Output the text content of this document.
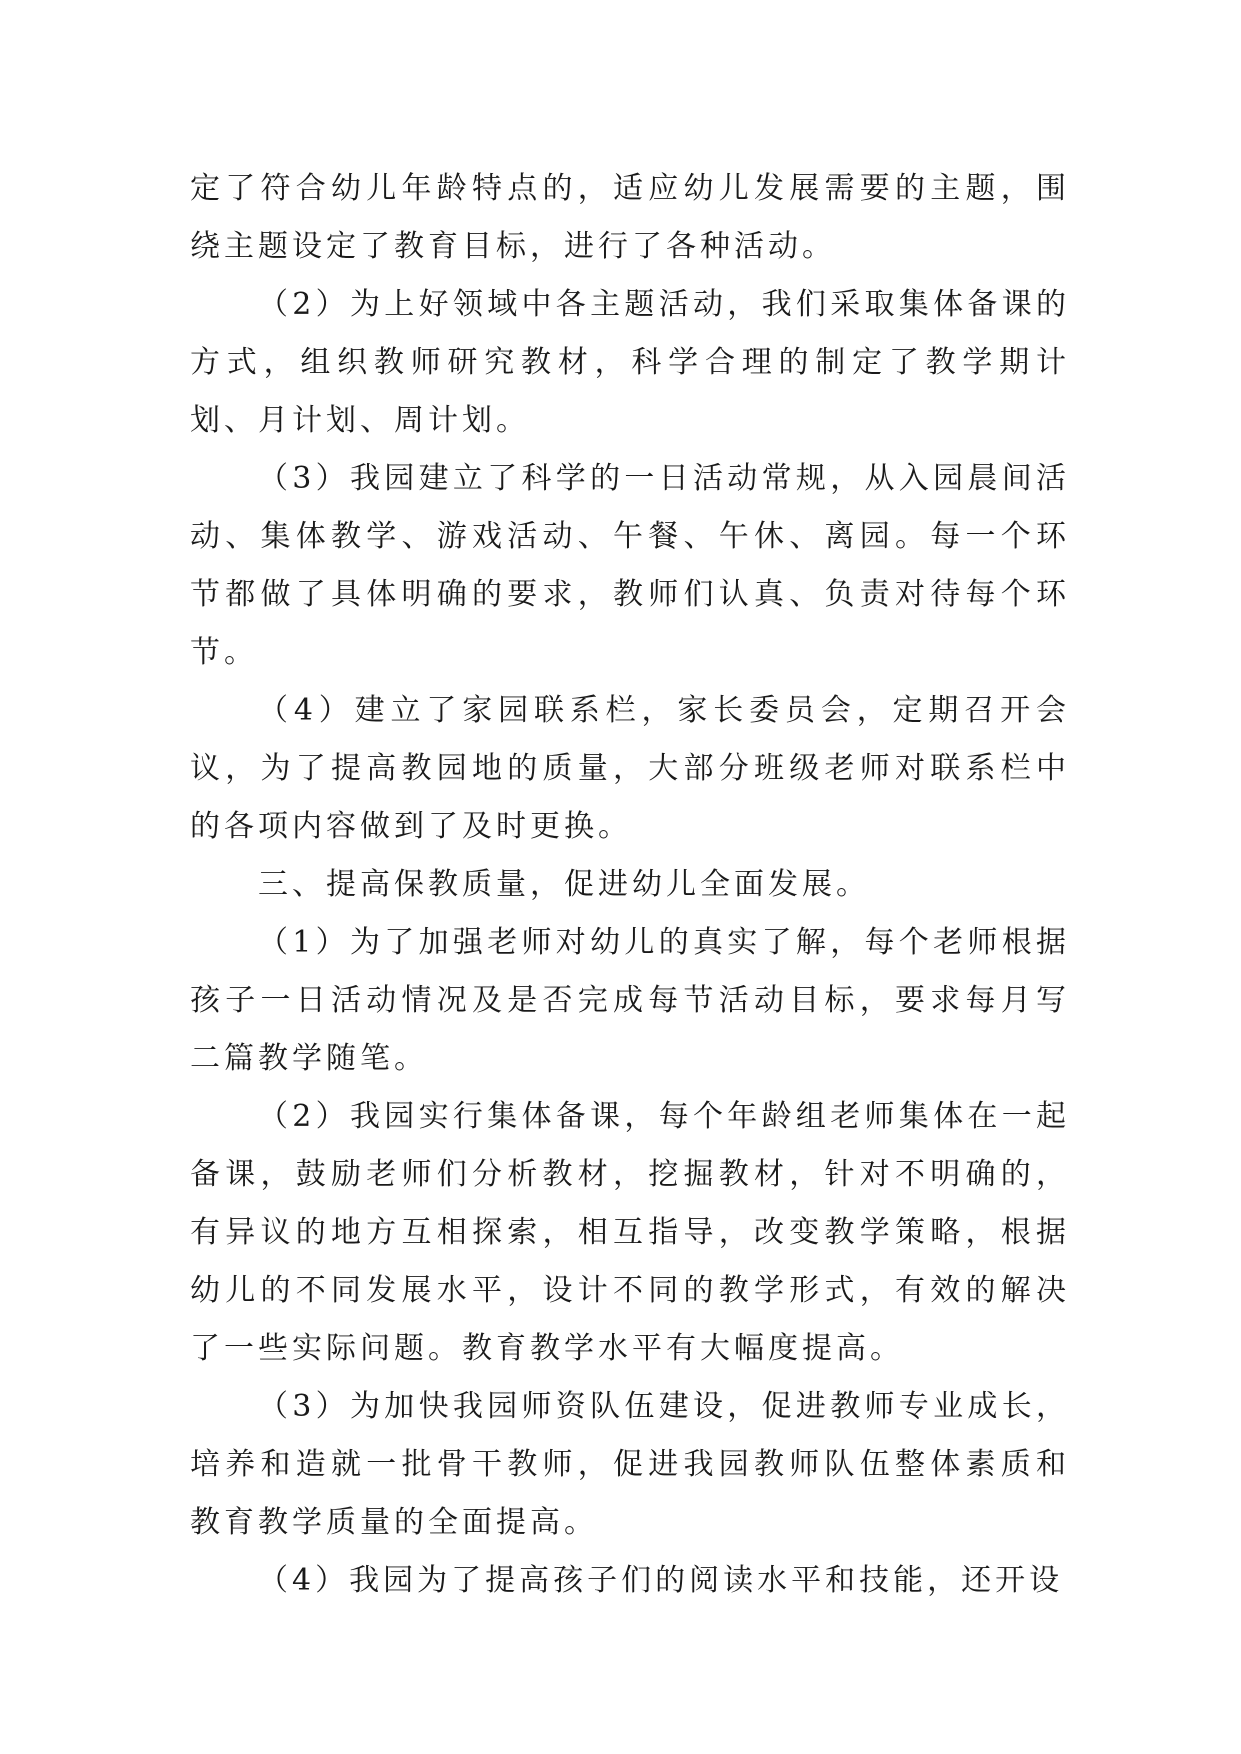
定了符合幼儿年龄特点的，适应幼儿发展需要的主题，围绕主题设定了教育目标，进行了各种活动。

（2）为上好领域中各主题活动，我们采取集体备课的方式，组织教师研究教材，科学合理的制定了教学期计划、月计划、周计划。

（3）我园建立了科学的一日活动常规，从入园晨间活动、集体教学、游戏活动、午餐、午休、离园。每一个环节都做了具体明确的要求，教师们认真、负责对待每个环节。

（4）建立了家园联系栏，家长委员会，定期召开会议，为了提高教园地的质量，大部分班级老师对联系栏中的各项内容做到了及时更换。

三、提高保教质量，促进幼儿全面发展。

（1）为了加强老师对幼儿的真实了解，每个老师根据孩子一日活动情况及是否完成每节活动目标，要求每月写二篇教学随笔。

（2）我园实行集体备课，每个年龄组老师集体在一起备课，鼓励老师们分析教材，挖掘教材，针对不明确的，有异议的地方互相探索，相互指导，改变教学策略，根据幼儿的不同发展水平，设计不同的教学形式，有效的解决了一些实际问题。教育教学水平有大幅度提高。

（3）为加快我园师资队伍建设，促进教师专业成长，培养和造就一批骨干教师，促进我园教师队伍整体素质和教育教学质量的全面提高。

（4）我园为了提高孩子们的阅读水平和技能，还开设
